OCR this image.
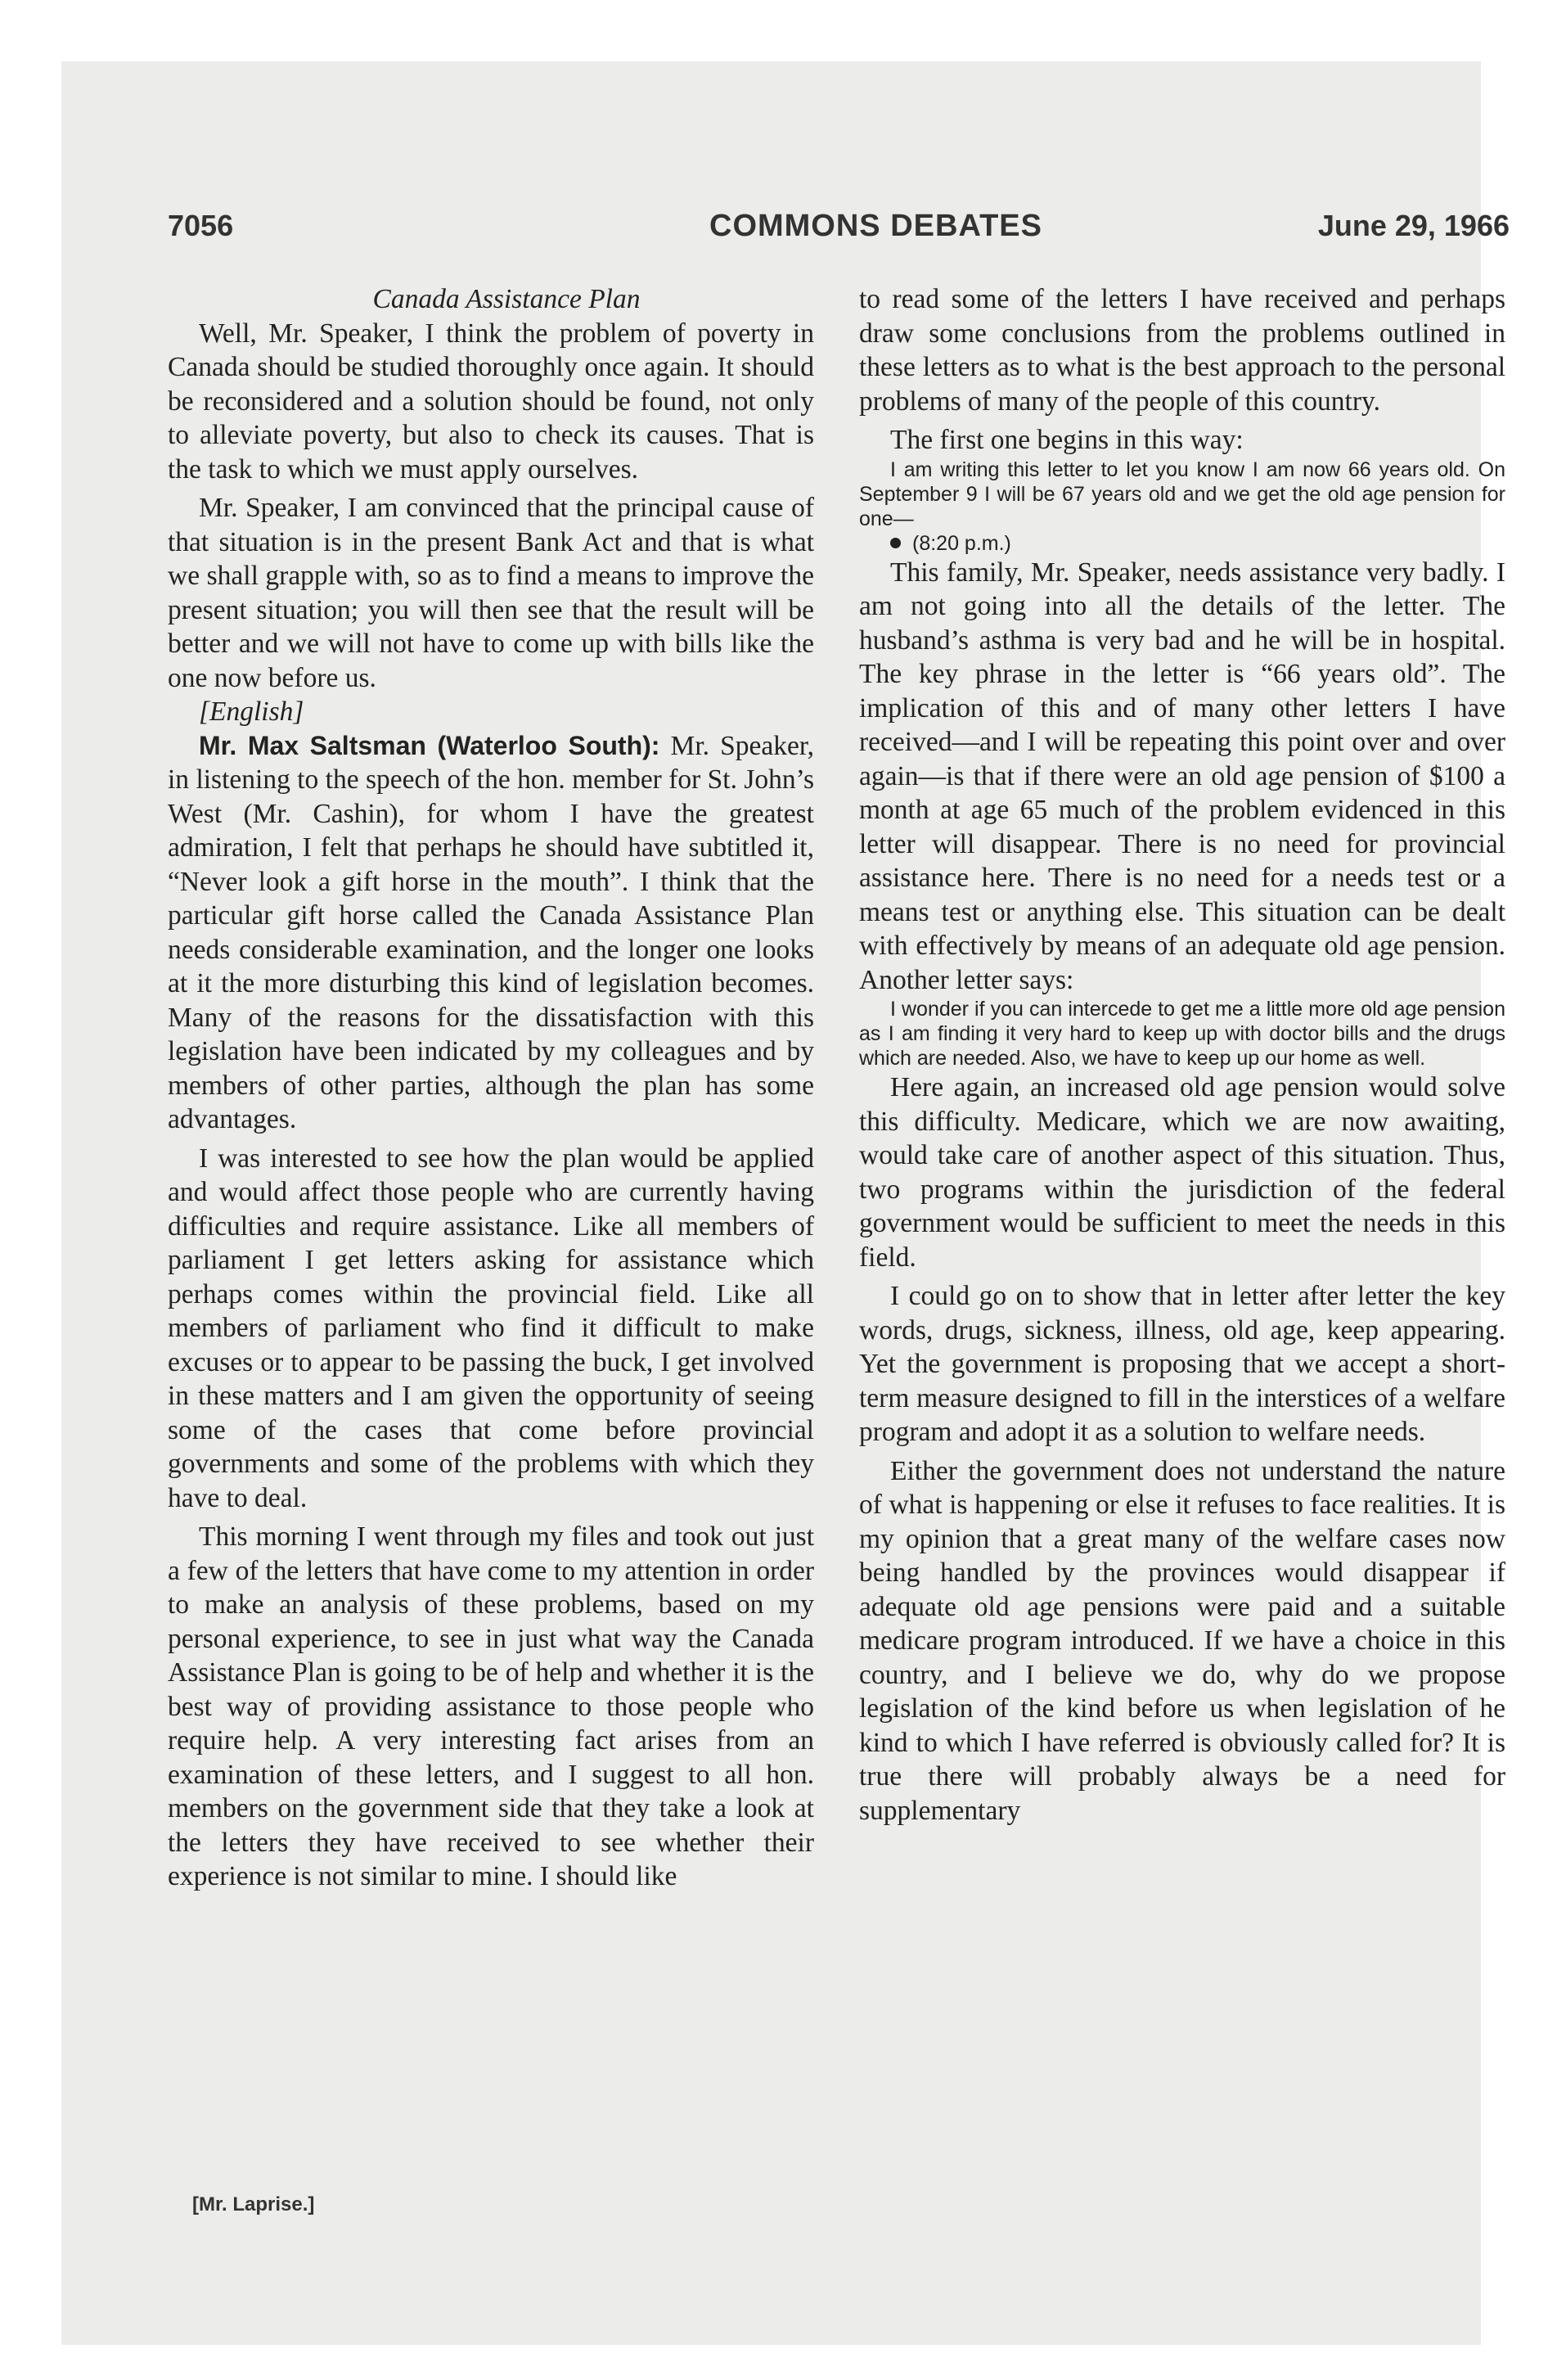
7056	COMMONS DEBATES	June 29, 1966

Canada Assistance Plan

Well, Mr. Speaker, I think the problem of poverty in Canada should be studied thoroughly once again. It should be reconsidered and a solution should be found, not only to alleviate poverty, but also to check its causes. That is the task to which we must apply ourselves.

Mr. Speaker, I am convinced that the principal cause of that situation is in the present Bank Act and that is what we shall grapple with, so as to find a means to improve the present situation; you will then see that the result will be better and we will not have to come up with bills like the one now before us.

[English]

Mr. Max Saltsman (Waterloo South): Mr. Speaker, in listening to the speech of the hon. member for St. John’s West (Mr. Cashin), for whom I have the greatest admiration, I felt that perhaps he should have subtitled it, “Never look a gift horse in the mouth”. I think that the particular gift horse called the Canada Assistance Plan needs considerable examination, and the longer one looks at it the more disturbing this kind of legislation becomes. Many of the reasons for the dissatisfaction with this legislation have been indicated by my colleagues and by members of other parties, although the plan has some advantages.

I was interested to see how the plan would be applied and would affect those people who are currently having difficulties and require assistance. Like all members of parliament I get letters asking for assistance which perhaps comes within the provincial field. Like all members of parliament who find it difficult to make excuses or to appear to be passing the buck, I get involved in these matters and I am given the opportunity of seeing some of the cases that come before provincial governments and some of the problems with which they have to deal.

This morning I went through my files and took out just a few of the letters that have come to my attention in order to make an analysis of these problems, based on my personal experience, to see in just what way the Canada Assistance Plan is going to be of help and whether it is the best way of providing assistance to those people who require help. A very interesting fact arises from an examination of these letters, and I suggest to all hon. members on the government side that they take a look at the letters they have received to see whether their experience is not similar to mine. I should like

to read some of the letters I have received and perhaps draw some conclusions from the problems outlined in these letters as to what is the best approach to the personal problems of many of the people of this country.

The first one begins in this way:

I am writing this letter to let you know I am now 66 years old. On September 9 I will be 67 years old and we get the old age pension for one—

(8:20 p.m.)

This family, Mr. Speaker, needs assistance very badly. I am not going into all the details of the letter. The husband’s asthma is very bad and he will be in hospital. The key phrase in the letter is “66 years old”. The implication of this and of many other letters I have received—and I will be repeating this point over and over again—is that if there were an old age pension of $100 a month at age 65 much of the problem evidenced in this letter will disappear. There is no need for provincial assistance here. There is no need for a needs test or a means test or anything else. This situation can be dealt with effectively by means of an adequate old age pension. Another letter says:

I wonder if you can intercede to get me a little more old age pension as I am finding it very hard to keep up with doctor bills and the drugs which are needed. Also, we have to keep up our home as well.

Here again, an increased old age pension would solve this difficulty. Medicare, which we are now awaiting, would take care of another aspect of this situation. Thus, two programs within the jurisdiction of the federal government would be sufficient to meet the needs in this field.

I could go on to show that in letter after letter the key words, drugs, sickness, illness, old age, keep appearing. Yet the government is proposing that we accept a short-term measure designed to fill in the interstices of a welfare program and adopt it as a solution to welfare needs.

Either the government does not understand the nature of what is happening or else it refuses to face realities. It is my opinion that a great many of the welfare cases now being handled by the provinces would disappear if adequate old age pensions were paid and a suitable medicare program introduced. If we have a choice in this country, and I believe we do, why do we propose legislation of the kind before us when legislation of he kind to which I have referred is obviously called for? It is true there will probably always be a need for supplementary

[Mr. Laprise.]
